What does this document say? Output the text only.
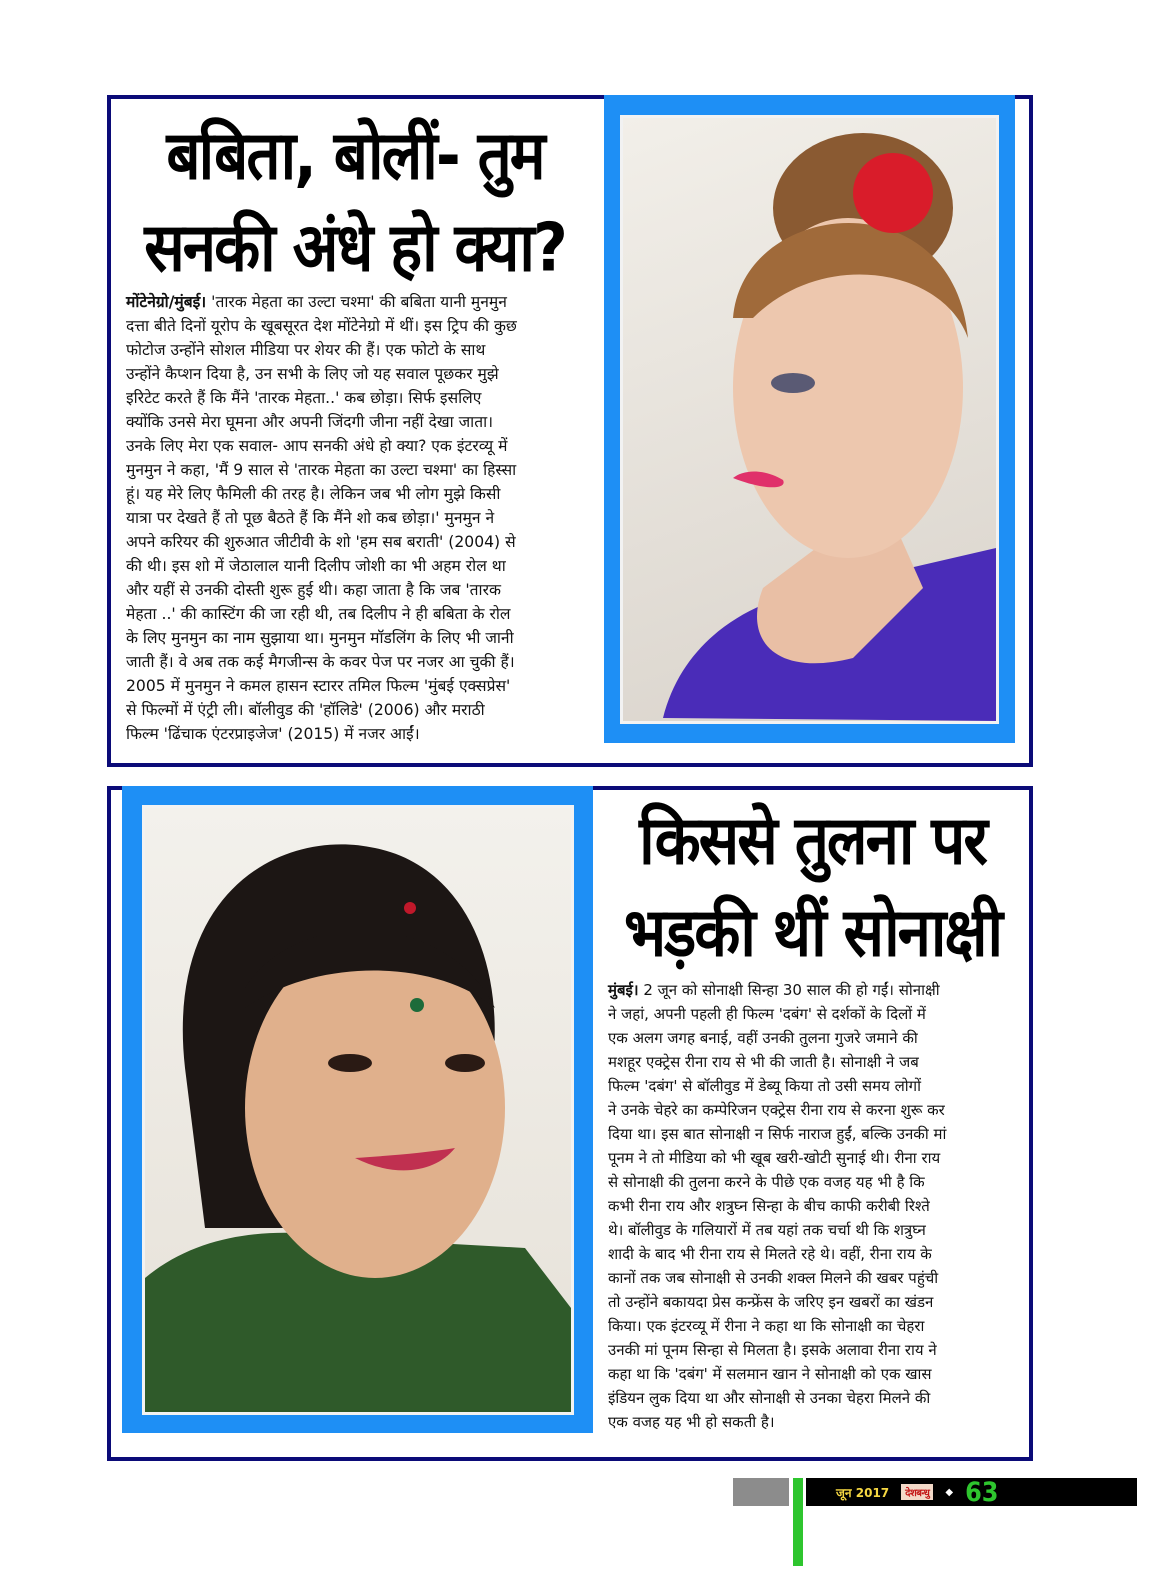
बबिता, बोलीं- तुम
सनकी अंधे हो क्या?
मोंटेनेग्रो/मुंबई। 'तारक मेहता का उल्टा चश्मा' की बबिता यानी मुनमुन
दत्ता बीते दिनों यूरोप के खूबसूरत देश मोंटेनेग्रो में थीं। इस ट्रिप की कुछ
फोटोज उन्होंने सोशल मीडिया पर शेयर की हैं। एक फोटो के साथ
उन्होंने कैप्शन दिया है, उन सभी के लिए जो यह सवाल पूछकर मुझे
इरिटेट करते हैं कि मैंने 'तारक मेहता..' कब छोड़ा। सिर्फ इसलिए
क्योंकि उनसे मेरा घूमना और अपनी जिंदगी जीना नहीं देखा जाता।
उनके लिए मेरा एक सवाल- आप सनकी अंधे हो क्या? एक इंटरव्यू में
मुनमुन ने कहा, 'मैं 9 साल से 'तारक मेहता का उल्टा चश्मा' का हिस्सा
हूं। यह मेरे लिए फैमिली की तरह है। लेकिन जब भी लोग मुझे किसी
यात्रा पर देखते हैं तो पूछ बैठते हैं कि मैंने शो कब छोड़ा।' मुनमुन ने
अपने करियर की शुरुआत जीटीवी के शो 'हम सब बराती' (2004) से
की थी। इस शो में जेठालाल यानी दिलीप जोशी का भी अहम रोल था
और यहीं से उनकी दोस्ती शुरू हुई थी। कहा जाता है कि जब 'तारक
मेहता ..' की कास्टिंग की जा रही थी, तब दिलीप ने ही बबिता के रोल
के लिए मुनमुन का नाम सुझाया था। मुनमुन मॉडलिंग के लिए भी जानी
जाती हैं। वे अब तक कई मैगजीन्स के कवर पेज पर नजर आ चुकी हैं।
2005 में मुनमुन ने कमल हासन स्टारर तमिल फिल्म 'मुंबई एक्सप्रेस'
से फिल्मों में एंट्री ली। बॉलीवुड की 'हॉलिडे' (2006) और मराठी
फिल्म 'ढिंचाक एंटरप्राइजेज' (2015) में नजर आईं।
किससे तुलना पर
भड़की थीं सोनाक्षी
मुंबई। 2 जून को सोनाक्षी सिन्हा 30 साल की हो गईं। सोनाक्षी
ने जहां, अपनी पहली ही फिल्म 'दबंग' से दर्शकों के दिलों में
एक अलग जगह बनाई, वहीं उनकी तुलना गुजरे जमाने की
मशहूर एक्ट्रेस रीना राय से भी की जाती है। सोनाक्षी ने जब
फिल्म 'दबंग' से बॉलीवुड में डेब्यू किया तो उसी समय लोगों
ने उनके चेहरे का कम्पेरिजन एक्ट्रेस रीना राय से करना शुरू कर
दिया था। इस बात सोनाक्षी न सिर्फ नाराज हुईं, बल्कि उनकी मां
पूनम ने तो मीडिया को भी खूब खरी-खोटी सुनाई थी। रीना राय
से सोनाक्षी की तुलना करने के पीछे एक वजह यह भी है कि
कभी रीना राय और शत्रुघ्न सिन्हा के बीच काफी करीबी रिश्ते
थे। बॉलीवुड के गलियारों में तब यहां तक चर्चा थी कि शत्रुघ्न
शादी के बाद भी रीना राय से मिलते रहे थे। वहीं, रीना राय के
कानों तक जब सोनाक्षी से उनकी शक्ल मिलने की खबर पहुंची
तो उन्होंने बकायदा प्रेस कन्फ्रेंस के जरिए इन खबरों का खंडन
किया। एक इंटरव्यू में रीना ने कहा था कि सोनाक्षी का चेहरा
उनकी मां पूनम सिन्हा से मिलता है। इसके अलावा रीना राय ने
कहा था कि 'दबंग' में सलमान खान ने सोनाक्षी को एक खास
इंडियन लुक दिया था और सोनाक्षी से उनका चेहरा मिलने की
एक वजह यह भी हो सकती है।
जून 2017	देशबन्धु	◆ 63
